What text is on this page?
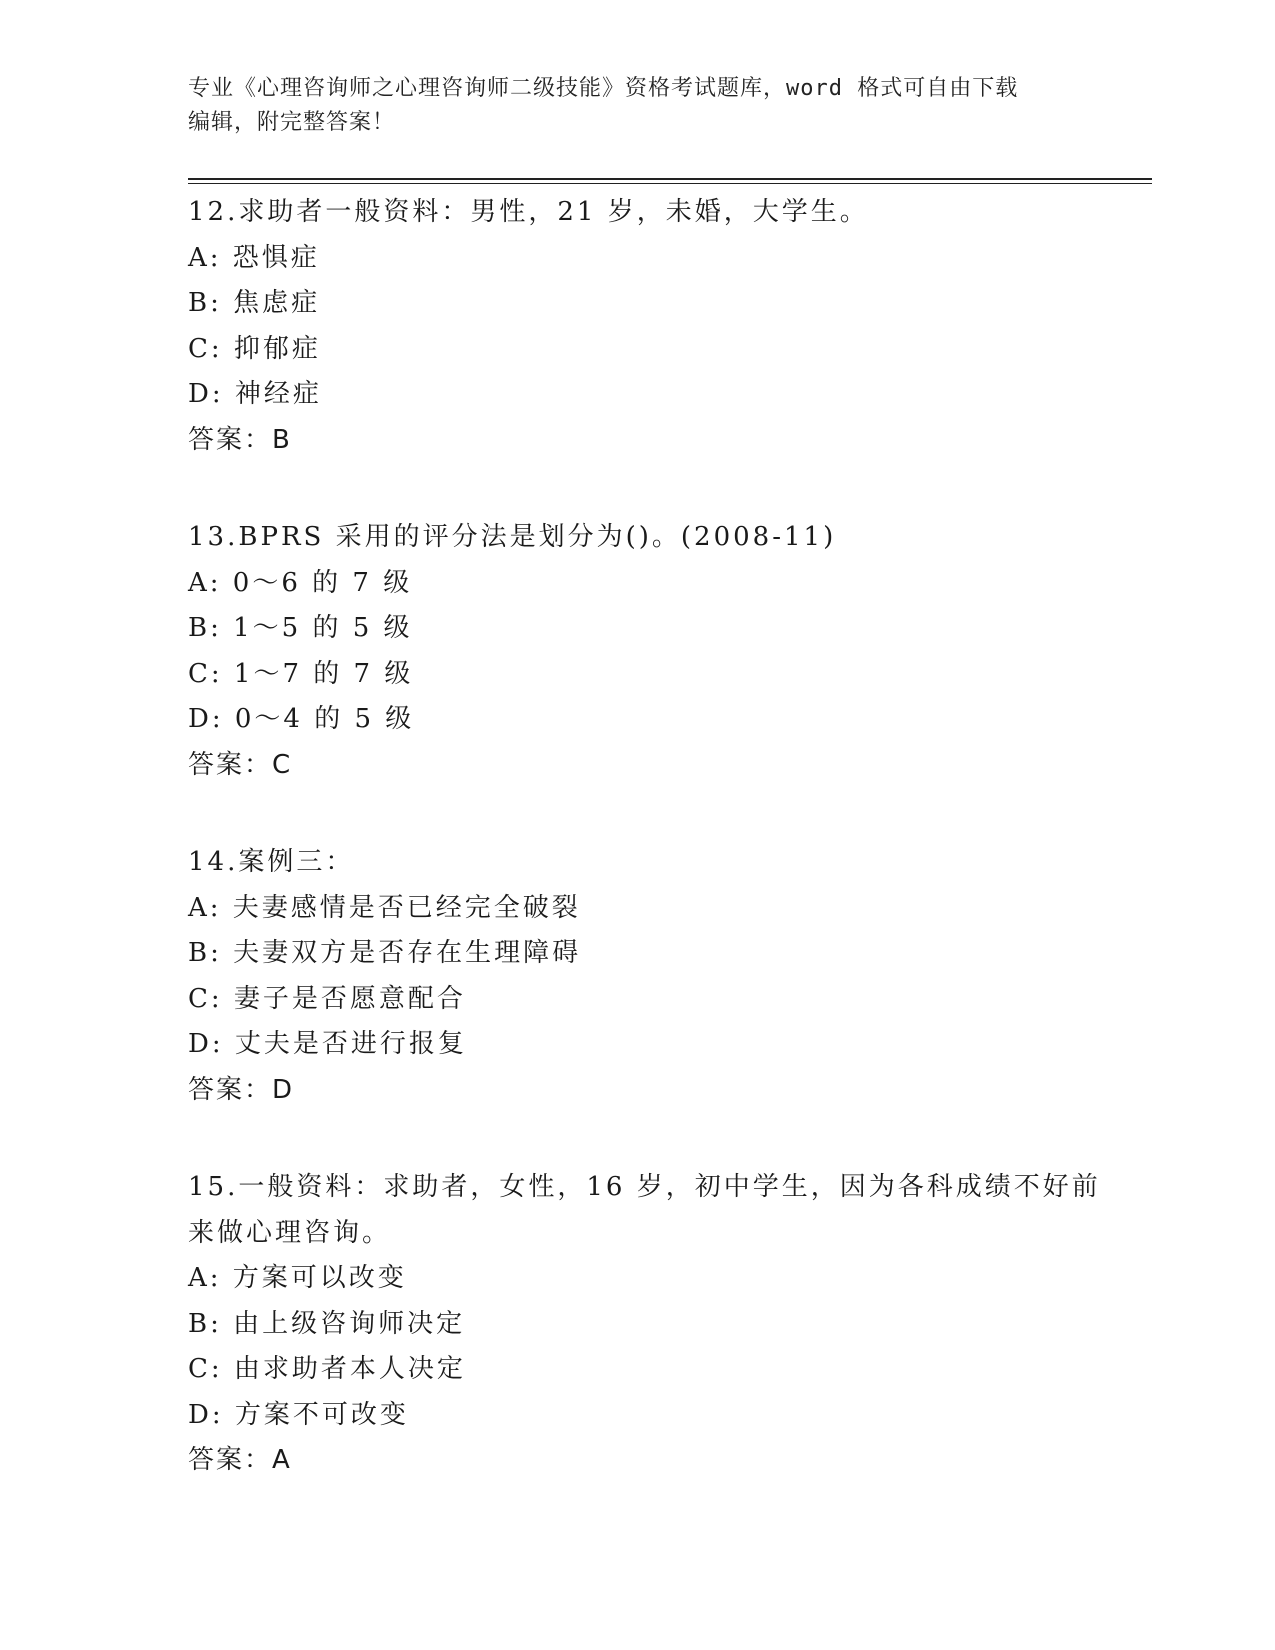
专业《心理咨询师之心理咨询师二级技能》资格考试题库，word 格式可自由下载
编辑，附完整答案！
12.求助者一般资料：男性，21 岁，未婚，大学生。
A: 恐惧症
B: 焦虑症
C: 抑郁症
D: 神经症
答案：B
13.BPRS 采用的评分法是划分为()。(2008-11)
A: 0～6 的 7 级
B: 1～5 的 5 级
C: 1～7 的 7 级
D: 0～4 的 5 级
答案：C
14.案例三：
A: 夫妻感情是否已经完全破裂
B: 夫妻双方是否存在生理障碍
C: 妻子是否愿意配合
D: 丈夫是否进行报复
答案：D
15.一般资料：求助者，女性，16 岁，初中学生，因为各科成绩不好前
来做心理咨询。
A: 方案可以改变
B: 由上级咨询师决定
C: 由求助者本人决定
D: 方案不可改变
答案：A
